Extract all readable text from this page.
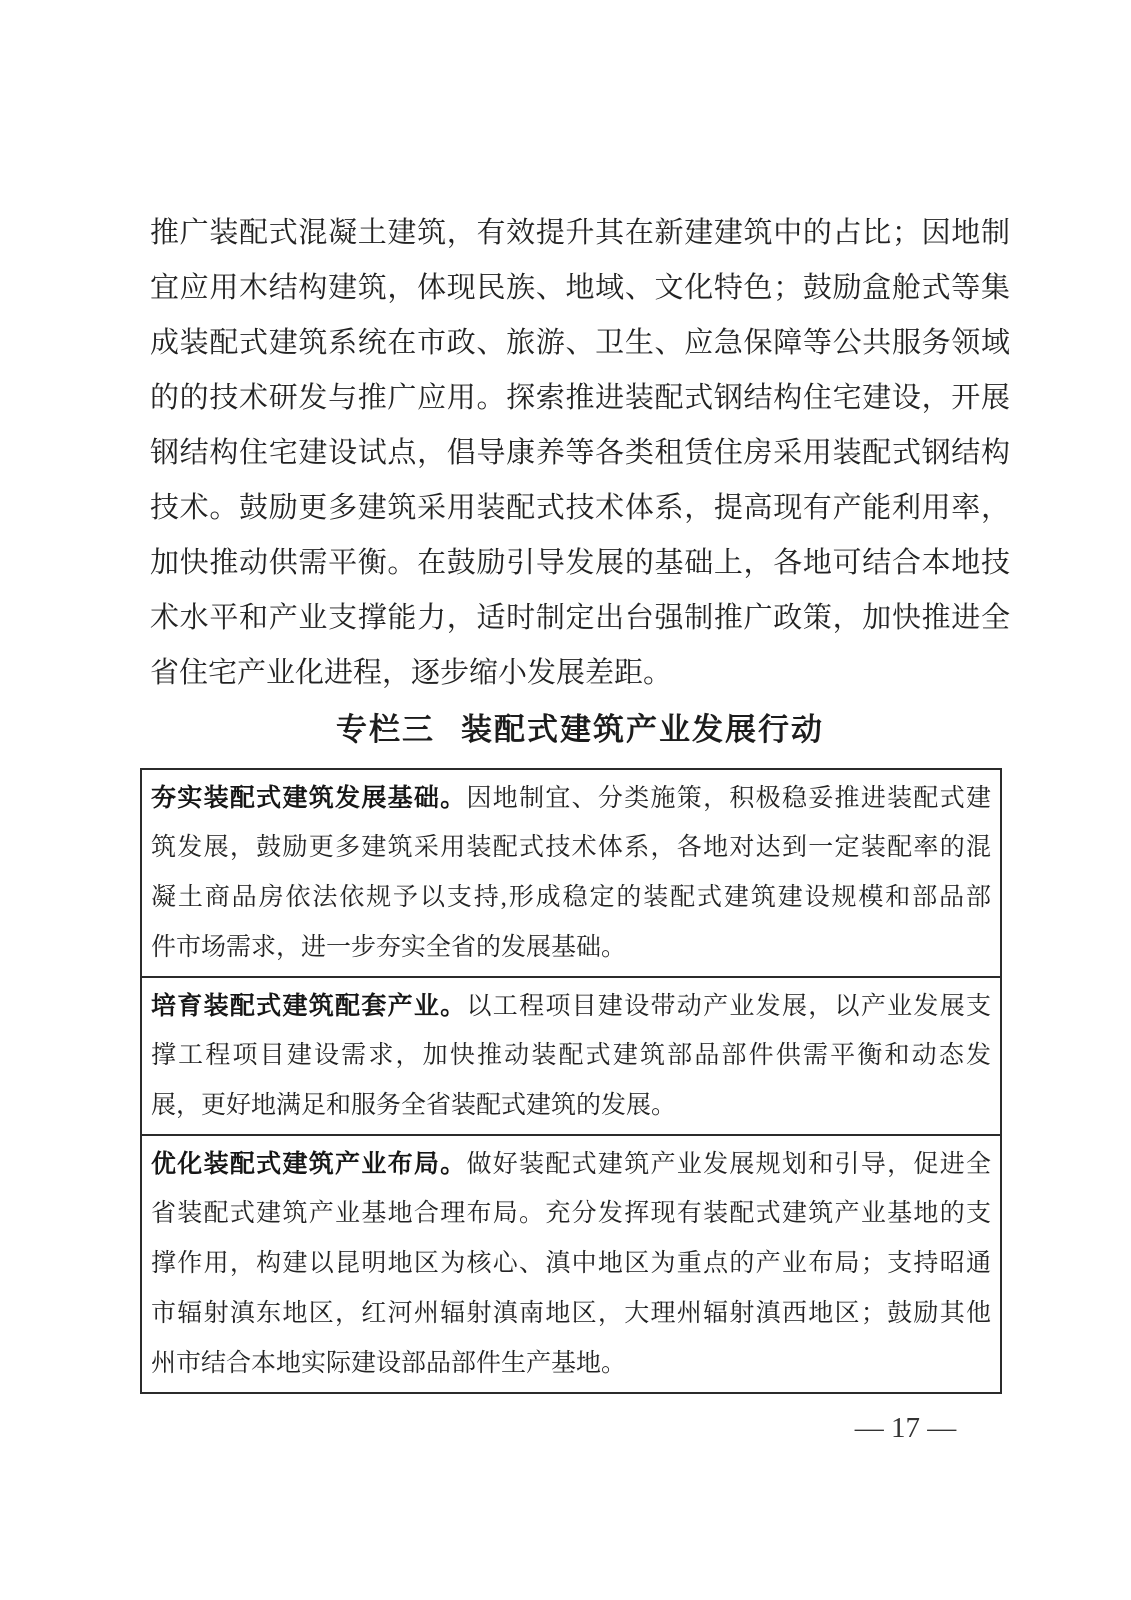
推广装配式混凝土建筑，有效提升其在新建建筑中的占比；因地制
宜应用木结构建筑，体现民族、地域、文化特色；鼓励盒舱式等集
成装配式建筑系统在市政、旅游、卫生、应急保障等公共服务领域
的的技术研发与推广应用。探索推进装配式钢结构住宅建设，开展
钢结构住宅建设试点，倡导康养等各类租赁住房采用装配式钢结构
技术。鼓励更多建筑采用装配式技术体系，提高现有产能利用率，
加快推动供需平衡。在鼓励引导发展的基础上，各地可结合本地技
术水平和产业支撑能力，适时制定出台强制推广政策，加快推进全
省住宅产业化进程，逐步缩小发展差距。
专栏三 装配式建筑产业发展行动
夯实装配式建筑发展基础。因地制宜、分类施策，积极稳妥推进装配式建
筑发展，鼓励更多建筑采用装配式技术体系，各地对达到一定装配率的混
凝土商品房依法依规予以支持,形成稳定的装配式建筑建设规模和部品部
件市场需求，进一步夯实全省的发展基础。
培育装配式建筑配套产业。以工程项目建设带动产业发展，以产业发展支
撑工程项目建设需求，加快推动装配式建筑部品部件供需平衡和动态发
展，更好地满足和服务全省装配式建筑的发展。
优化装配式建筑产业布局。做好装配式建筑产业发展规划和引导，促进全
省装配式建筑产业基地合理布局。充分发挥现有装配式建筑产业基地的支
撑作用，构建以昆明地区为核心、滇中地区为重点的产业布局；支持昭通
市辐射滇东地区，红河州辐射滇南地区，大理州辐射滇西地区；鼓励其他
州市结合本地实际建设部品部件生产基地。
— 17 —
